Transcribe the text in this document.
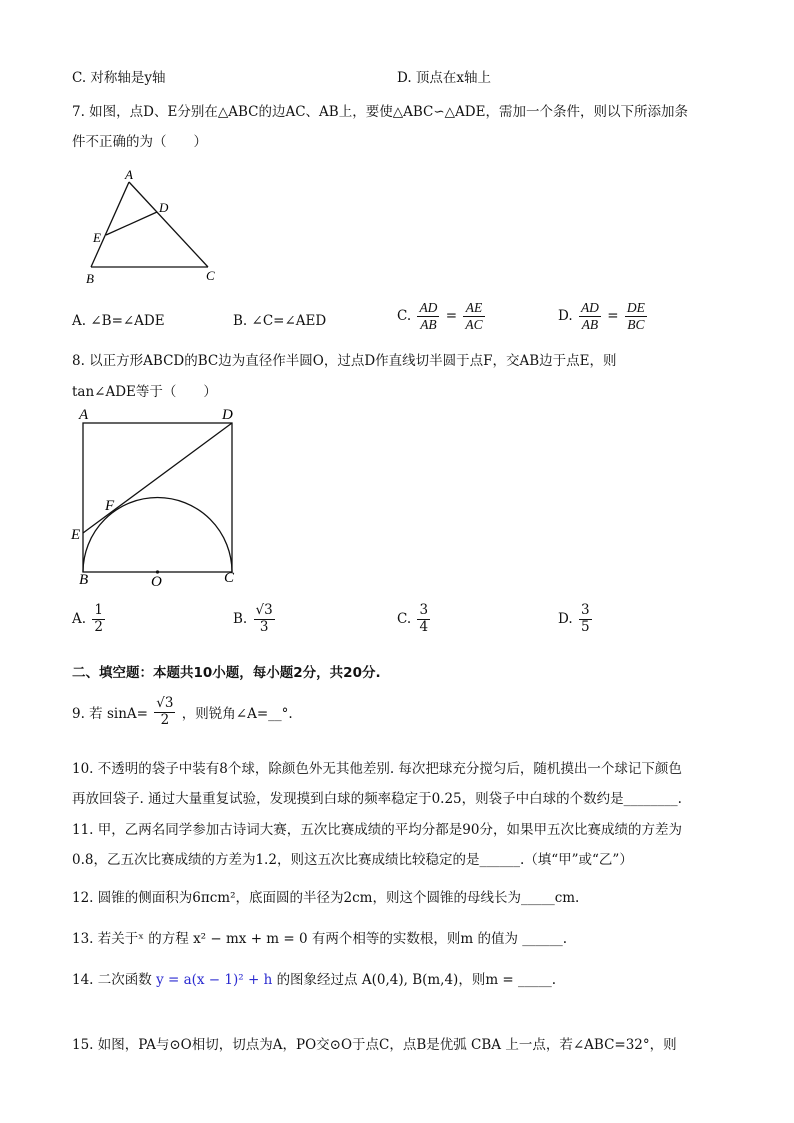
C. 对称轴是y轴	D. 顶点在x轴上
7. 如图，点D、E分别在△ABC的边AC、AB上，要使△ABC∽△ADE，需加一个条件，则以下所添加条
件不正确的为（　　）
A
D
E
B	C
A. ∠B=∠ADE	B. ∠C=∠AED	C. $\frac{AD}{AB} = \frac{AE}{AC}$	D. $\frac{AD}{AB} = \frac{DE}{BC}$
8. 以正方形ABCD的BC边为直径作半圆O，过点D作直线切半圆于点F，交AB边于点E，则
tan∠ADE等于（　　）
A	D
F
E
B	O	C
A. $\frac{1}{2}$	B. $\frac{√3}{3}$	C. $\frac{3}{4}$	D. $\frac{3}{5}$
二、填空题：本题共10小题，每小题2分，共20分.
9. 若 $\sin A= \frac{√3}{2}$ ，则锐角∠A=__°.
10. 不透明的袋子中装有8个球，除颜色外无其他差别. 每次把球充分搅匀后，随机摸出一个球记下颜色
再放回袋子. 通过大量重复试验，发现摸到白球的频率稳定于0.25，则袋子中白球的个数约是________.
11. 甲，乙两名同学参加古诗词大赛，五次比赛成绩的平均分都是90分，如果甲五次比赛成绩的方差为
0.8，乙五次比赛成绩的方差为1.2，则这五次比赛成绩比较稳定的是______.（填“甲”或“乙”）
12. 圆锥的侧面积为6πcm²，底面圆的半径为2cm，则这个圆锥的母线长为_____cm.
13. 若关于ˣ 的方程 x² − mx + m = 0 有两个相等的实数根，则m 的值为 ______.
14. 二次函数 y = a(x − 1)² + h 的图象经过点 A(0,4), B(m,4)，则m = _____.
15. 如图，PA与⊙O相切，切点为A，PO交⊙O于点C，点B是优弧 CBA 上一点，若∠ABC=32°，则
